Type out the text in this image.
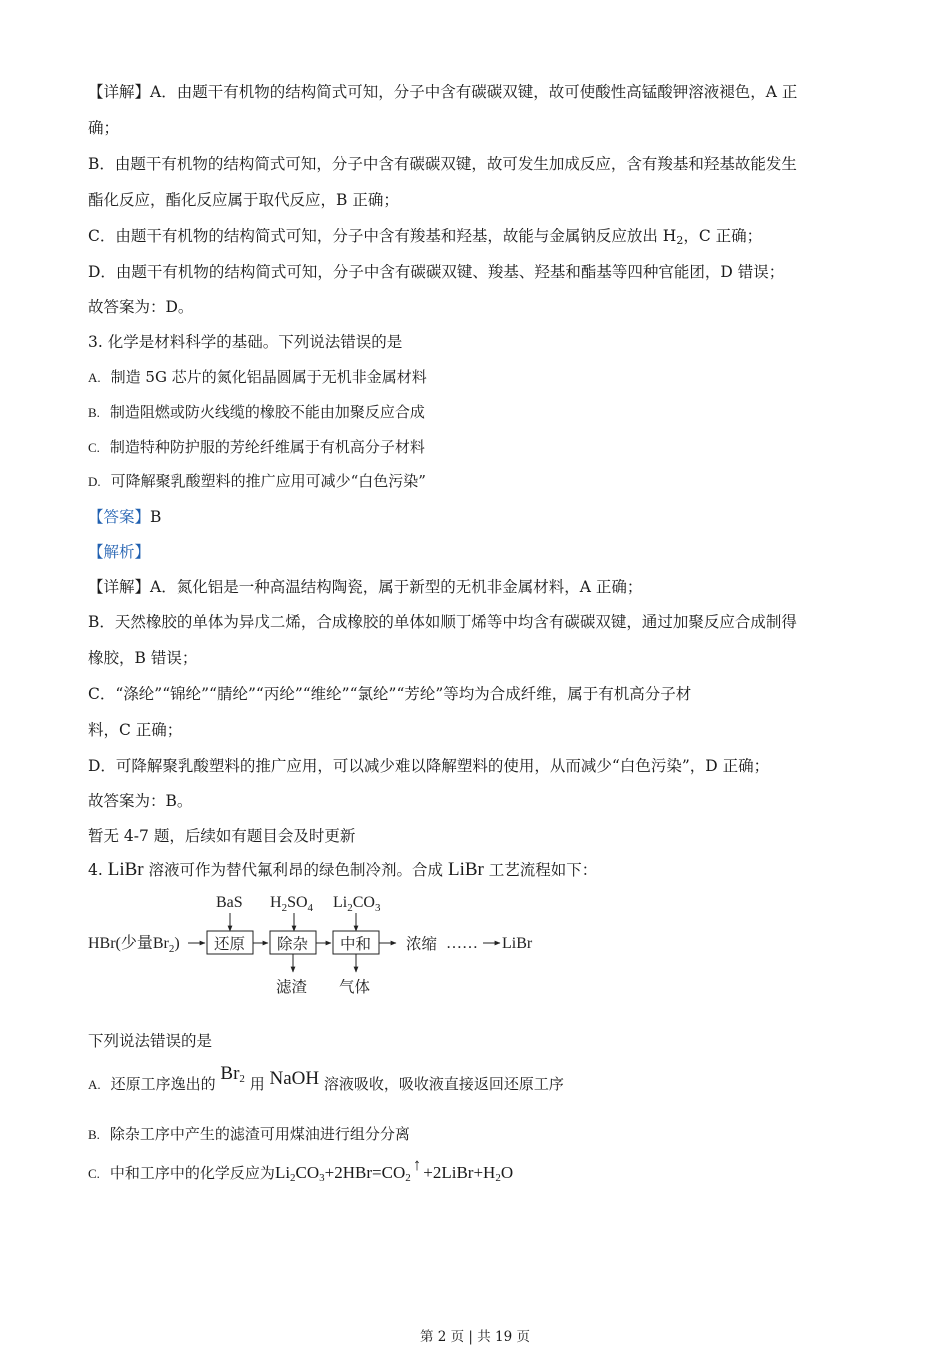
【详解】A．由题干有机物的结构简式可知，分子中含有碳碳双键，故可使酸性高锰酸钾溶液褪色，A 正
确；
B．由题干有机物的结构简式可知，分子中含有碳碳双键，故可发生加成反应，含有羧基和羟基故能发生
酯化反应，酯化反应属于取代反应，B 正确；
C．由题干有机物的结构简式可知，分子中含有羧基和羟基，故能与金属钠反应放出 $H_2$，C 正确；
D．由题干有机物的结构简式可知，分子中含有碳碳双键、羧基、羟基和酯基等四种官能团，D 错误；
故答案为：D。
3. 化学是材料科学的基础。下列说法错误的是
A. 制造 5G 芯片的氮化铝晶圆属于无机非金属材料
B. 制造阻燃或防火线缆的橡胶不能由加聚反应合成
C. 制造特种防护服的芳纶纤维属于有机高分子材料
D. 可降解聚乳酸塑料的推广应用可减少“白色污染”
【答案】B
【解析】
【详解】A．氮化铝是一种高温结构陶瓷，属于新型的无机非金属材料，A 正确；
B．天然橡胶的单体为异戊二烯，合成橡胶的单体如顺丁烯等中均含有碳碳双键，通过加聚反应合成制得
橡胶，B 错误；
C．“涤纶”“锦纶”“腈纶”“丙纶”“维纶”“氯纶”“芳纶”等均为合成纤维，属于有机高分子材
料，C 正确；
D．可降解聚乳酸塑料的推广应用，可以减少难以降解塑料的使用，从而减少“白色污染”，D 正确；
故答案为：B。
暂无 4-7 题，后续如有题目会及时更新
4. LiBr 溶液可作为替代氟利昂的绿色制冷剂。合成 LiBr 工艺流程如下：
BaS $H_2SO_4$ $Li_2CO_3$
HBr(少量$Br_2$) 还原 除杂 中和 浓缩 …… LiBr
滤渣 气体
下列说法错误的是
A. 还原工序逸出的 $Br_2$ 用 NaOH 溶液吸收，吸收液直接返回还原工序
B. 除杂工序中产生的滤渣可用煤油进行组分分离
C. 中和工序中的化学反应为$Li_2CO_3+2HBr=CO_2↑$ $+2LiBr+H_2O$
第 2 页 | 共 19 页
